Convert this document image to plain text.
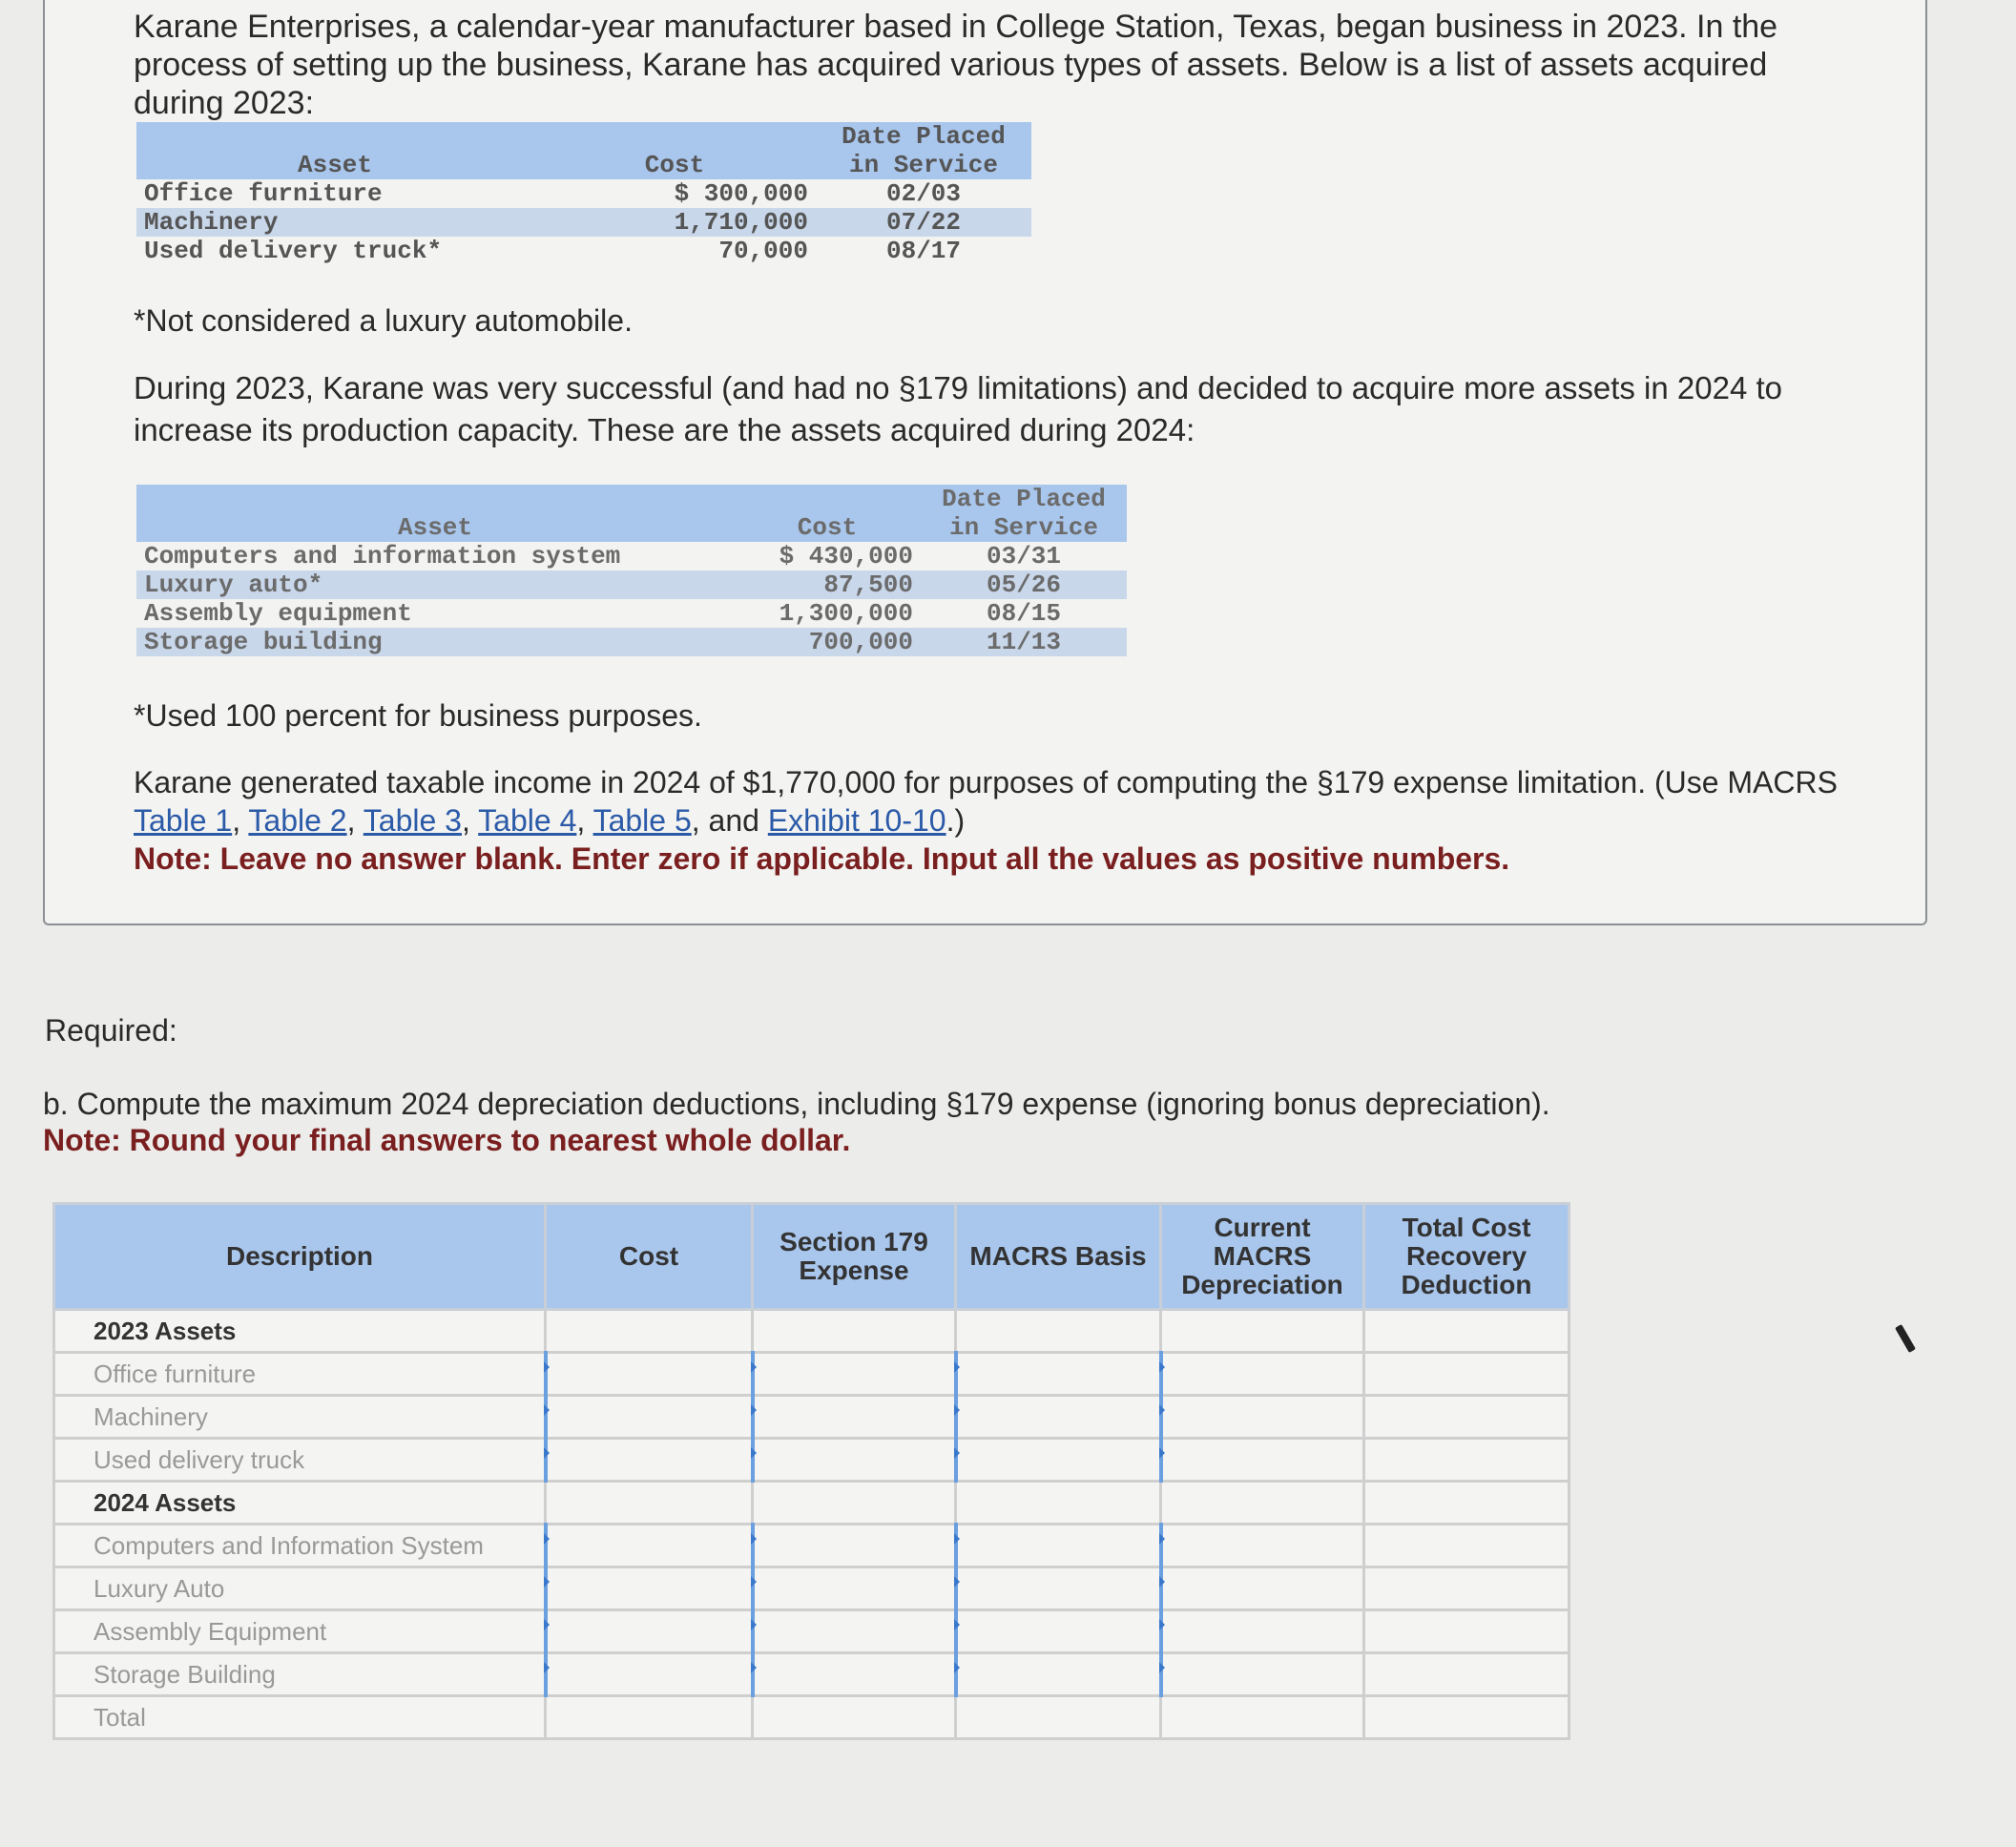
Karane Enterprises, a calendar-year manufacturer based in College Station, Texas, began business in 2023. In the process of setting up the business, Karane has acquired various types of assets. Below is a list of assets acquired during 2023:
Asset	Cost	Date Placed in Service
Office furniture	$ 300,000	02/03
Machinery	1,710,000	07/22
Used delivery truck*	70,000	08/17
*Not considered a luxury automobile.
During 2023, Karane was very successful (and had no §179 limitations) and decided to acquire more assets in 2024 to increase its production capacity. These are the assets acquired during 2024:
Asset	Cost	Date Placed in Service
Computers and information system	$ 430,000	03/31
Luxury auto*	87,500	05/26
Assembly equipment	1,300,000	08/15
Storage building	700,000	11/13
*Used 100 percent for business purposes.
Karane generated taxable income in 2024 of $1,770,000 for purposes of computing the §179 expense limitation. (Use MACRS Table 1, Table 2, Table 3, Table 4, Table 5, and Exhibit 10-10.)
Note: Leave no answer blank. Enter zero if applicable. Input all the values as positive numbers.
Required:
b. Compute the maximum 2024 depreciation deductions, including §179 expense (ignoring bonus depreciation).
Note: Round your final answers to nearest whole dollar.
Description	Cost	Section 179 Expense	MACRS Basis	Current MACRS Depreciation	Total Cost Recovery Deduction
2023 Assets					
Office furniture					
Machinery					
Used delivery truck					
2024 Assets					
Computers and Information System					
Luxury Auto					
Assembly Equipment					
Storage Building					
Total					
